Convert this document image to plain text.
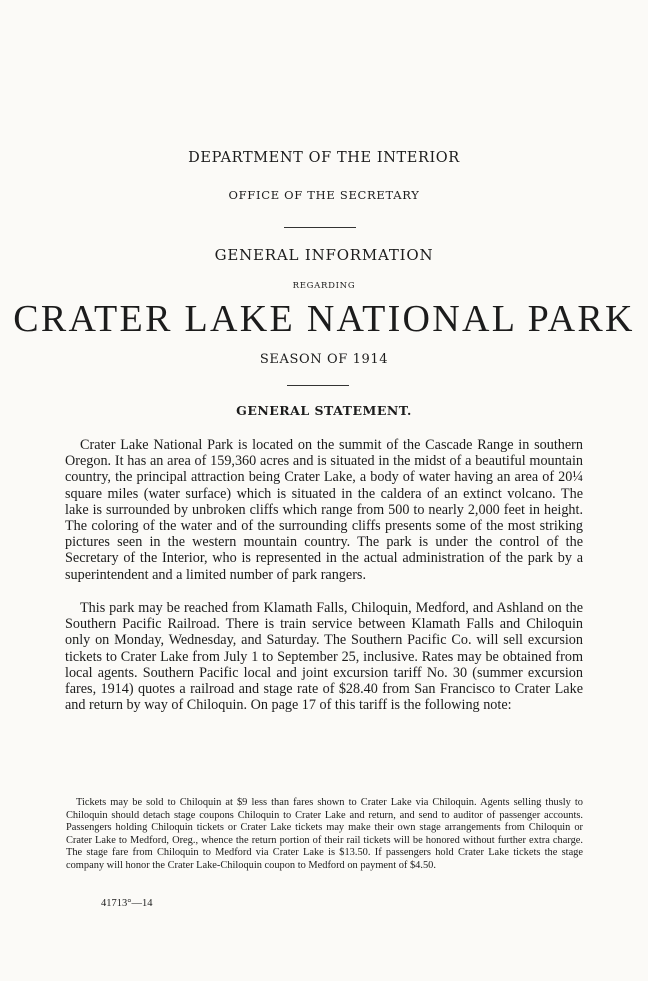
DEPARTMENT OF THE INTERIOR
OFFICE OF THE SECRETARY
GENERAL INFORMATION
REGARDING
CRATER LAKE NATIONAL PARK
SEASON OF 1914
GENERAL STATEMENT.

Crater Lake National Park is located on the summit of the Cascade Range in southern Oregon. It has an area of 159,360 acres and is situated in the midst of a beautiful mountain country, the principal attraction being Crater Lake, a body of water having an area of 20¼ square miles (water surface) which is situated in the caldera of an extinct volcano. The lake is surrounded by unbroken cliffs which range from 500 to nearly 2,000 feet in height. The coloring of the water and of the surrounding cliffs presents some of the most striking pictures seen in the western mountain country. The park is under the control of the Secretary of the Interior, who is represented in the actual administration of the park by a superintendent and a limited number of park rangers.

This park may be reached from Klamath Falls, Chiloquin, Medford, and Ashland on the Southern Pacific Railroad. There is train service between Klamath Falls and Chiloquin only on Monday, Wednesday, and Saturday. The Southern Pacific Co. will sell excursion tickets to Crater Lake from July 1 to September 25, inclusive. Rates may be obtained from local agents. Southern Pacific local and joint excursion tariff No. 30 (summer excursion fares, 1914) quotes a railroad and stage rate of $28.40 from San Francisco to Crater Lake and return by way of Chiloquin. On page 17 of this tariff is the following note:

Tickets may be sold to Chiloquin at $9 less than fares shown to Crater Lake via Chiloquin. Agents selling thusly to Chiloquin should detach stage coupons Chiloquin to Crater Lake and return, and send to auditor of passenger accounts. Passengers holding Chiloquin tickets or Crater Lake tickets may make their own stage arrangements from Chiloquin or Crater Lake to Medford, Oreg., whence the return portion of their rail tickets will be honored without further extra charge. The stage fare from Chiloquin to Medford via Crater Lake is $13.50. If passengers hold Crater Lake tickets the stage company will honor the Crater Lake-Chiloquin coupon to Medford on payment of $4.50.

41713°—14
